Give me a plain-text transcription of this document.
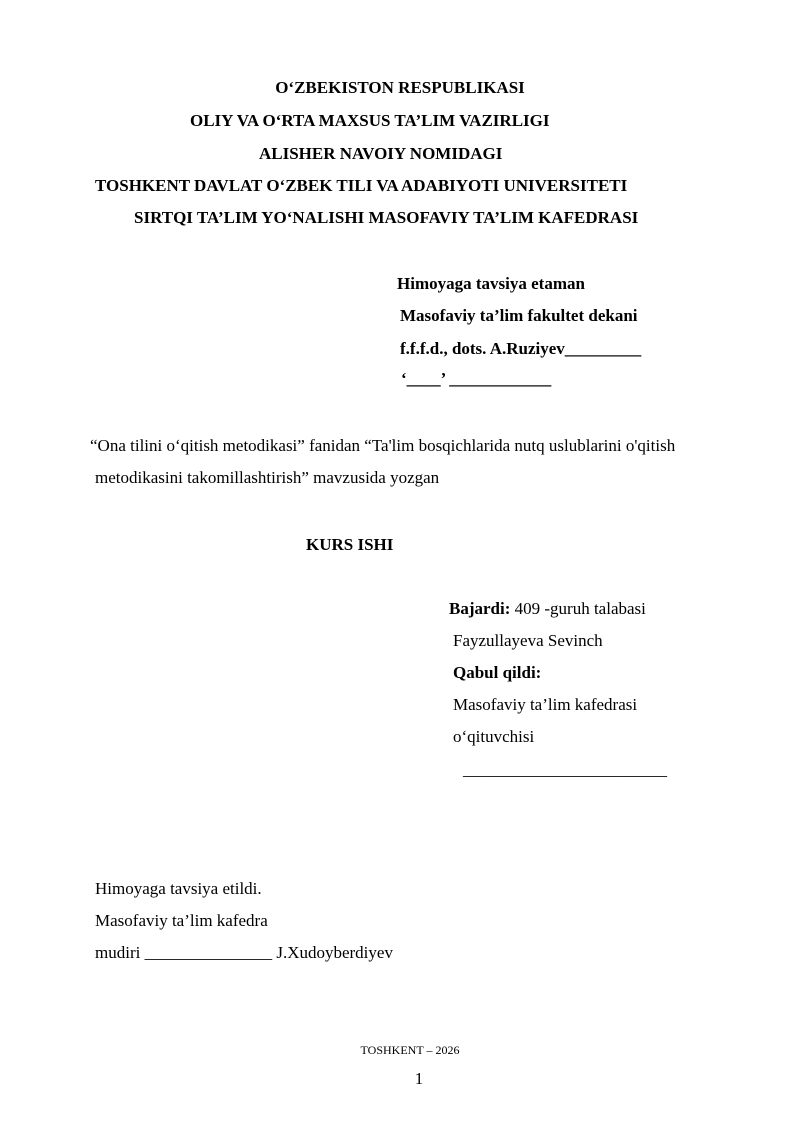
O‘ZBEKISTON RESPUBLIKASI
OLIY VA O‘RTA MAXSUS TA’LIM VAZIRLIGI
ALISHER NAVOIY NOMIDAGI
TOSHKENT DAVLAT O‘ZBEK TILI VA ADABIYOTI UNIVERSITETI
SIRTQI TA’LIM YO‘NALISHI MASOFAVIY TA’LIM KAFEDRASI
Himoyaga tavsiya etaman
Masofaviy ta’lim fakultet dekani
f.f.f.d., dots. A.Ruziyev_________
‘____’ ____________
“Ona tilini o‘qitish metodikasi” fanidan “Ta'lim bosqichlarida nutq uslublarini o'qitish
metodikasini takomillashtirish” mavzusida yozgan
KURS ISHI
Bajardi: 409 -guruh talabasi
Fayzullayeva Sevinch
Qabul qildi:
Masofaviy ta’lim kafedrasi
o‘qituvchisi
________________________
Himoyaga tavsiya etildi.
Masofaviy ta’lim kafedra
mudiri _______________ J.Xudoyberdiyev
TOSHKENT – 2026
1
